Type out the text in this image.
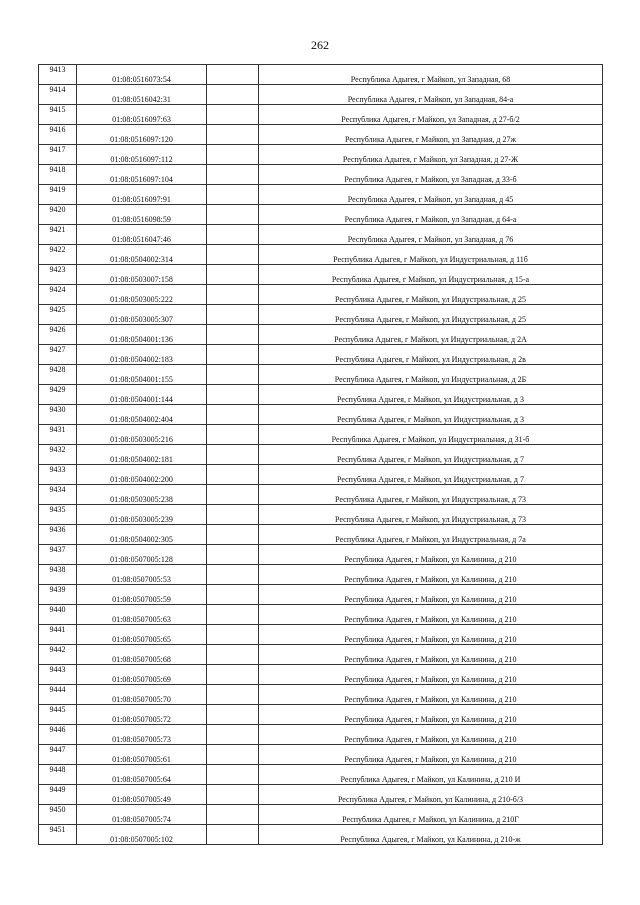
262
9413	01:08:0516073:54		Республика Адыгея, г Майкоп, ул Западная, 68
9414	01:08:0516042:31		Республика Адыгея, г Майкоп, ул Западная, 84-а
9415	01:08:0516097:63		Республика Адыгея, г Майкоп, ул Западная, д 27-б/2
9416	01:08:0516097:120		Республика Адыгея, г Майкоп, ул Западная, д 27ж
9417	01:08:0516097:112		Республика Адыгея, г Майкоп, ул Западная, д 27-Ж
9418	01:08:0516097:104		Республика Адыгея, г Майкоп, ул Западная, д 33-б
9419	01:08:0516097:91		Республика Адыгея, г Майкоп, ул Западная, д 45
9420	01:08:0516098:59		Республика Адыгея, г Майкоп, ул Западная, д 64-а
9421	01:08:0516047:46		Республика Адыгея, г Майкоп, ул Западная, д 76
9422	01:08:0504002:314		Республика Адыгея, г Майкоп, ул Индустриальная, д 11б
9423	01:08:0503007:158		Республика Адыгея, г Майкоп, ул Индустриальная, д 15-а
9424	01:08:0503005:222		Республика Адыгея, г Майкоп, ул Индустриальная, д 25
9425	01:08:0503005:307		Республика Адыгея, г Майкоп, ул Индустриальная, д 25
9426	01:08:0504001:136		Республика Адыгея, г Майкоп, ул Индустриальная, д 2А
9427	01:08:0504002:183		Республика Адыгея, г Майкоп, ул Индустриальная, д 2в
9428	01:08:0504001:155		Республика Адыгея, г Майкоп, ул Индустриальная, д 2Б
9429	01:08:0504001:144		Республика Адыгея, г Майкоп, ул Индустриальная, д 3
9430	01:08:0504002:404		Республика Адыгея, г Майкоп, ул Индустриальная, д 3
9431	01:08:0503005:216		Республика Адыгея, г Майкоп, ул Индустриальная, д 31-б
9432	01:08:0504002:181		Республика Адыгея, г Майкоп, ул Индустриальная, д 7
9433	01:08:0504002:200		Республика Адыгея, г Майкоп, ул Индустриальная, д 7
9434	01:08:0503005:238		Республика Адыгея, г Майкоп, ул Индустриальная, д 73
9435	01:08:0503005:239		Республика Адыгея, г Майкоп, ул Индустриальная, д 73
9436	01:08:0504002:305		Республика Адыгея, г Майкоп, ул Индустриальная, д 7а
9437	01:08:0507005:128		Республика Адыгея, г Майкоп, ул Калинина, д 210
9438	01:08:0507005:53		Республика Адыгея, г Майкоп, ул Калинина, д 210
9439	01:08:0507005:59		Республика Адыгея, г Майкоп, ул Калинина, д 210
9440	01:08:0507005:63		Республика Адыгея, г Майкоп, ул Калинина, д 210
9441	01:08:0507005:65		Республика Адыгея, г Майкоп, ул Калинина, д 210
9442	01:08:0507005:68		Республика Адыгея, г Майкоп, ул Калинина, д 210
9443	01:08:0507005:69		Республика Адыгея, г Майкоп, ул Калинина, д 210
9444	01:08:0507005:70		Республика Адыгея, г Майкоп, ул Калинина, д 210
9445	01:08:0507005:72		Республика Адыгея, г Майкоп, ул Калинина, д 210
9446	01:08:0507005:73		Республика Адыгея, г Майкоп, ул Калинина, д 210
9447	01:08:0507005:61		Республика Адыгея, г Майкоп, ул Калинина, д 210
9448	01:08:0507005:64		Республика Адыгея, г Майкоп, ул Калинина, д 210 И
9449	01:08:0507005:49		Республика Адыгея, г Майкоп, ул Калинина, д 210-б/3
9450	01:08:0507005:74		Республика Адыгея, г Майкоп, ул Калинина, д 210Г
9451	01:08:0507005:102		Республика Адыгея, г Майкоп, ул Калинина, д 210-ж
